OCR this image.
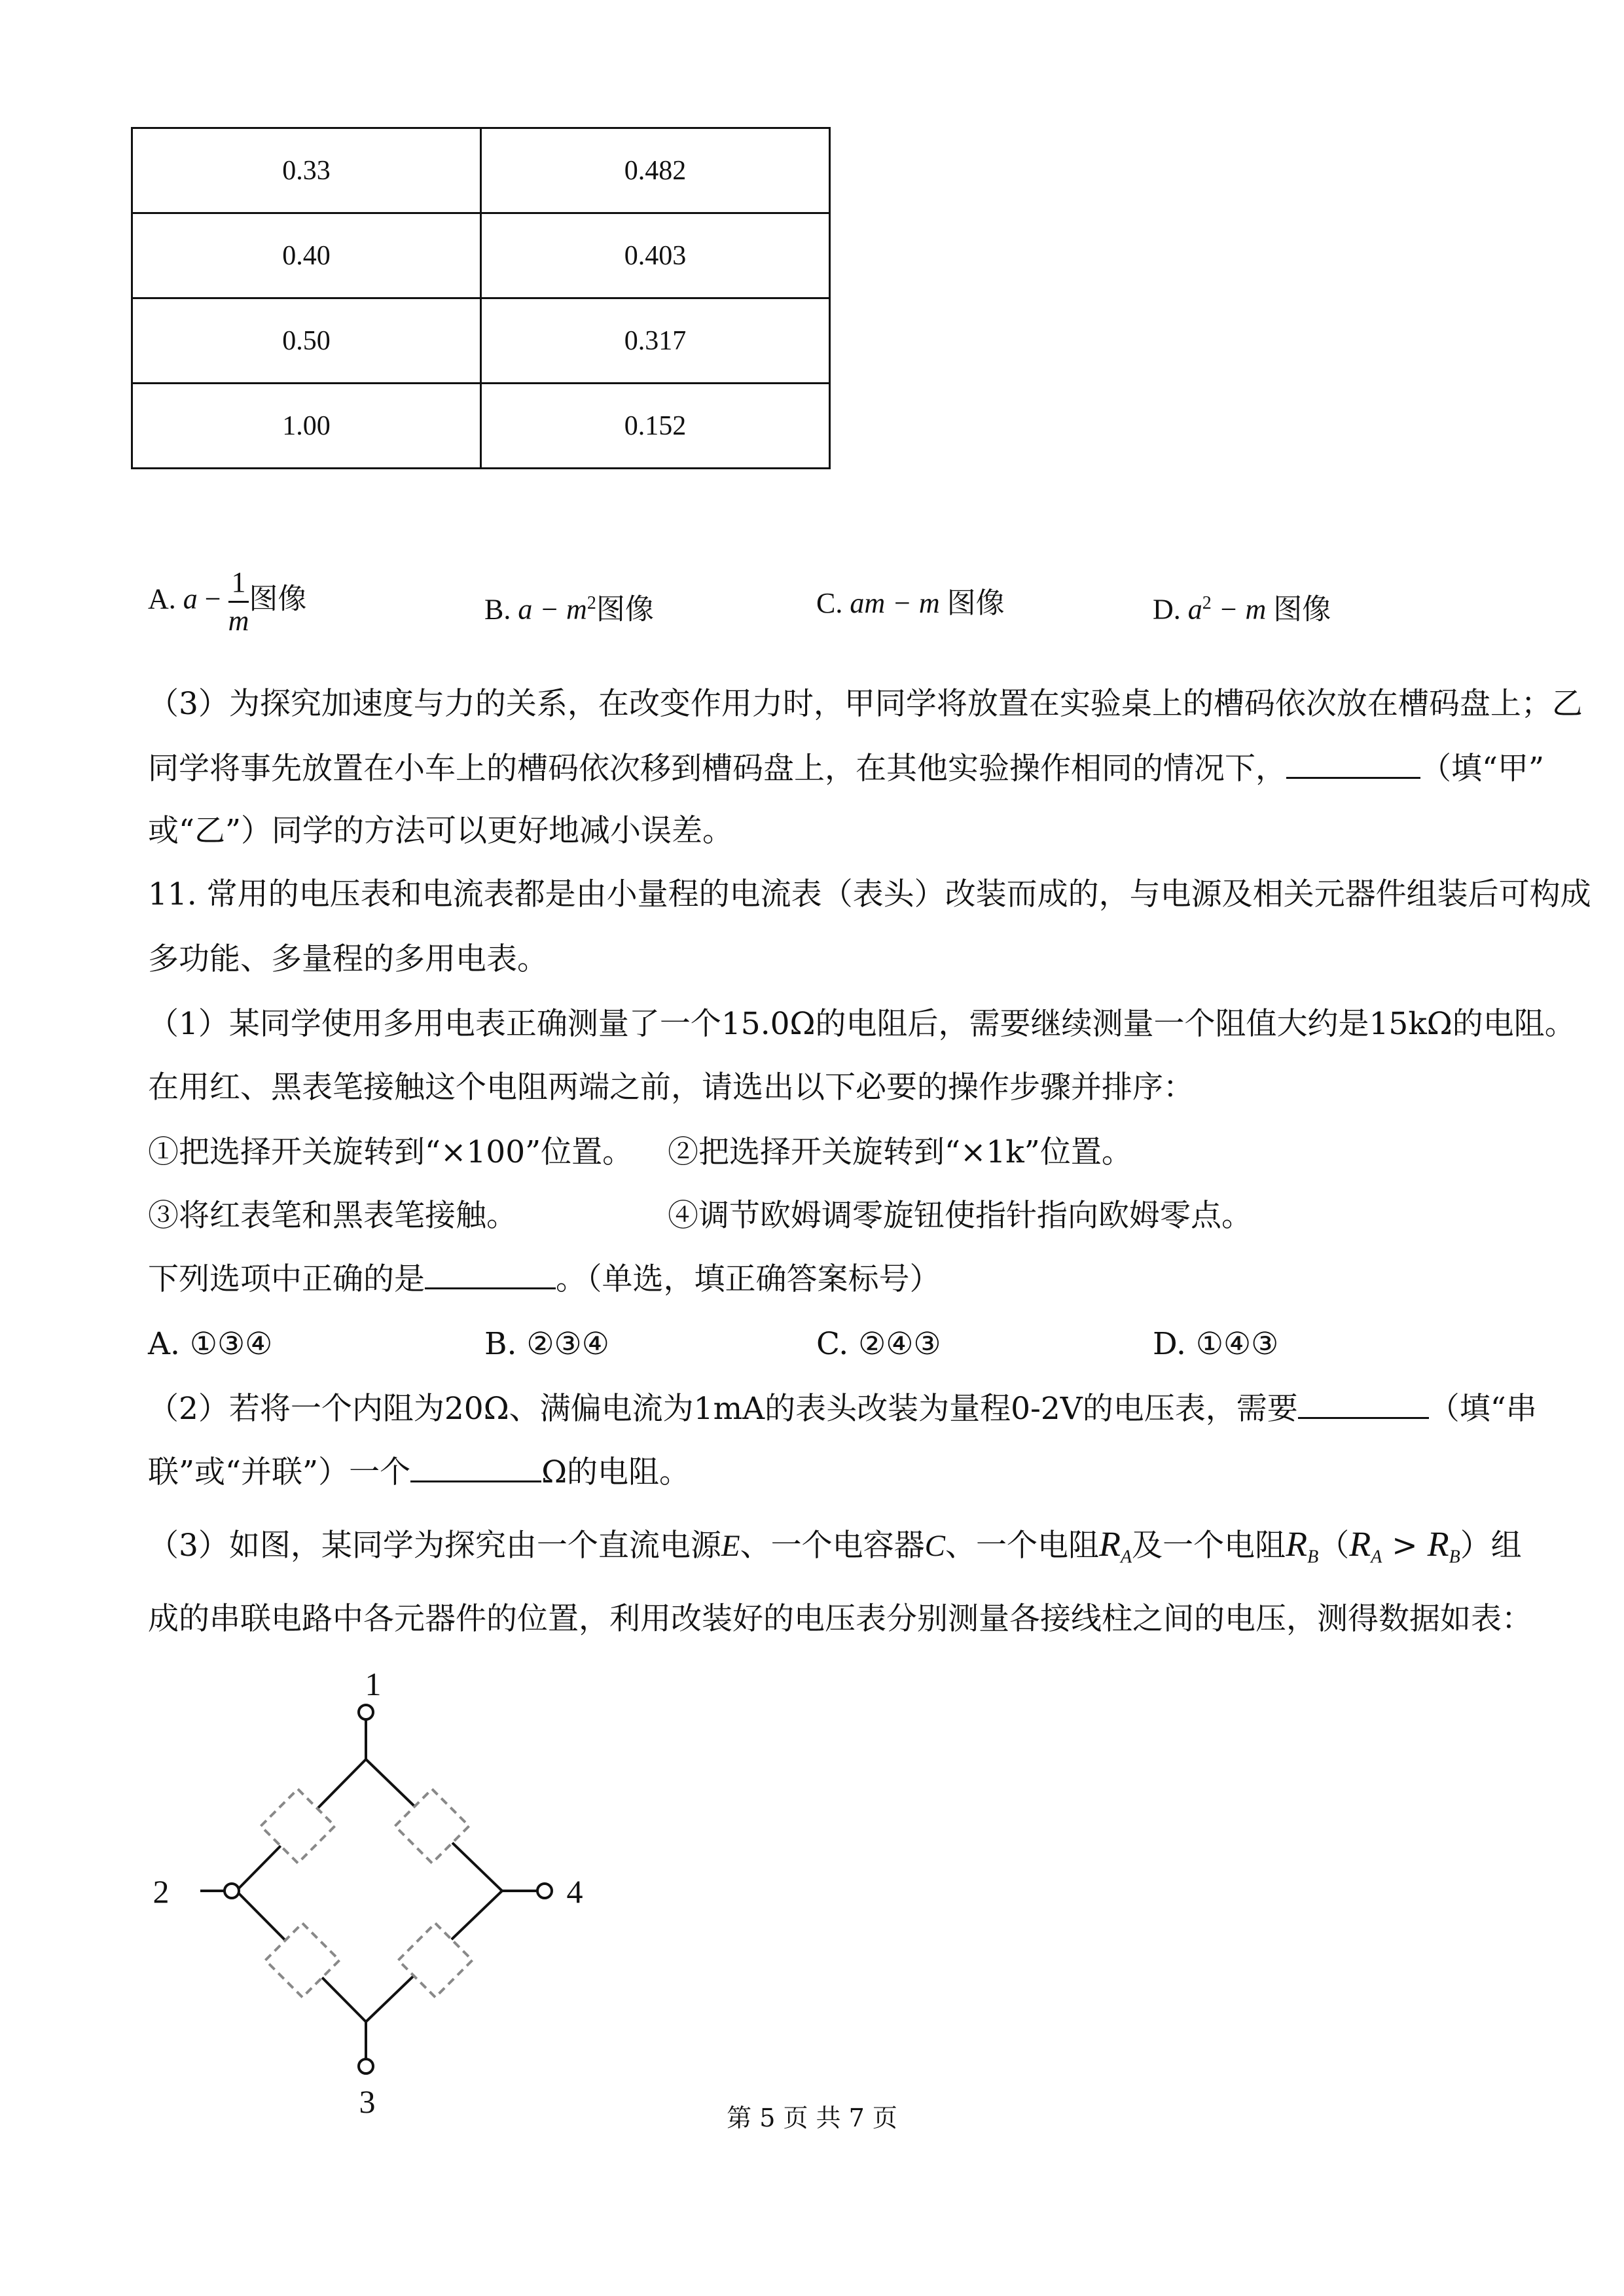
0.33	0.482
0.40	0.403
0.50	0.317
1.00	0.152
A. $a - \frac{1}{m}$ 图像	B. $a - m^2$图像	C. am − m 图像	D. $a^2 - m$ 图像
（3）为探究加速度与力的关系，在改变作用力时，甲同学将放置在实验桌上的槽码依次放在槽码盘上；乙
同学将事先放置在小车上的槽码依次移到槽码盘上，在其他实验操作相同的情况下，	（填“甲”
或“乙”）同学的方法可以更好地减小误差。
11. 常用的电压表和电流表都是由小量程的电流表（表头）改装而成的，与电源及相关元器件组装后可构成
多功能、多量程的多用电表。
（1）某同学使用多用电表正确测量了一个15.0Ω的电阻后，需要继续测量一个阻值大约是15kΩ的电阻。
在用红、黑表笔接触这个电阻两端之前，请选出以下必要的操作步骤并排序：
①把选择开关旋转到“×100”位置。 ②把选择开关旋转到“×1k”位置。
③将红表笔和黑表笔接触。	④调节欧姆调零旋钮使指针指向欧姆零点。
下列选项中正确的是	。（单选，填正确答案标号）
A. ①③④	B. ②③④	C. ②④③	D. ①④③
（2）若将一个内阻为20Ω、满偏电流为1mA的表头改装为量程0-2V的电压表，需要	（填“串
联”或“并联”）一个	Ω的电阻。
（3）如图，某同学为探究由一个直流电源E、一个电容器C、一个电阻$R_A$及一个电阻$R_B(R_A > R_B)$组
成的串联电路中各元器件的位置，利用改装好的电压表分别测量各接线柱之间的电压，测得数据如表：
1
2
3
4
第 5 页 共 7 页
